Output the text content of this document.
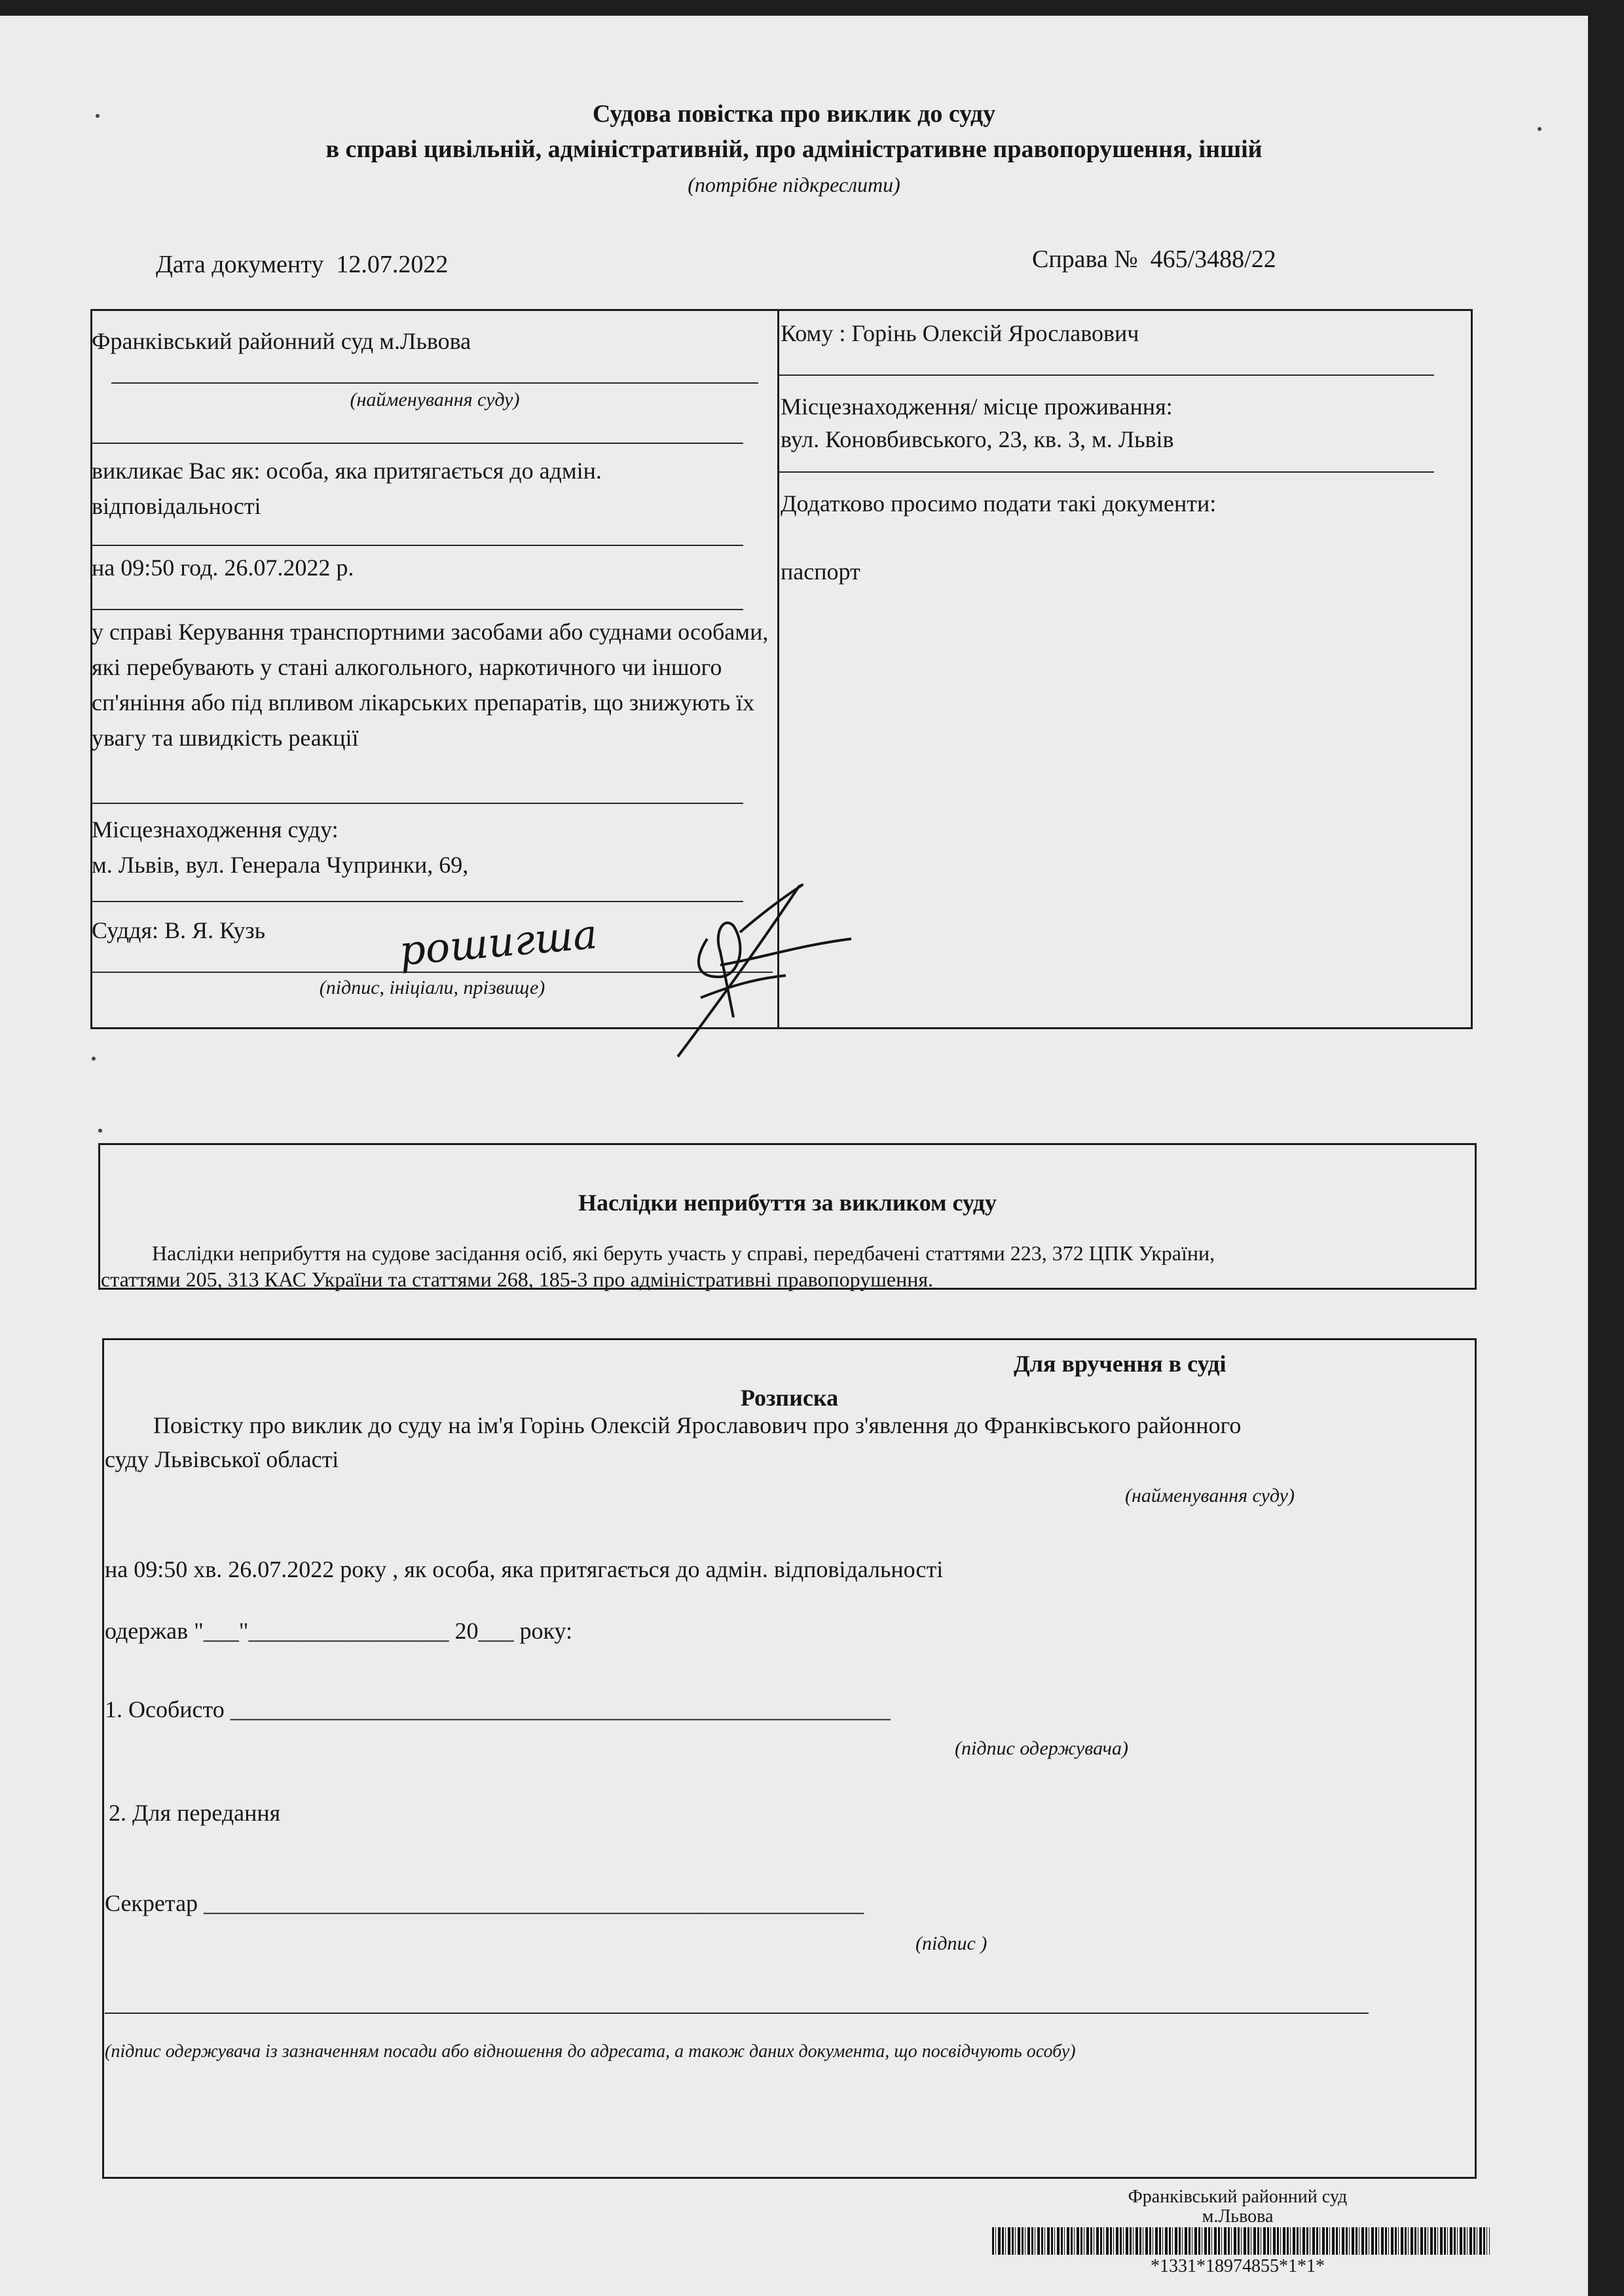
Судова повістка про виклик до суду
в справі цивільній, адміністративній, про адміністративне правопорушення, іншій
(потрібне підкреслити)
Дата документу 12.07.2022	Справа № 465/3488/22
Франківський районний суд м.Львова
(найменування суду)
викликає Вас як: особа, яка притягається до адмін. відповідальності
на 09:50 год. 26.07.2022 р.
у справі Керування транспортними засобами або суднами особами, які перебувають у стані алкогольного, наркотичного чи іншого сп'яніння або під впливом лікарських препаратів, що знижують їх увагу та швидкість реакції
Місцезнаходження суду:
м. Львів, вул. Генерала Чупринки, 69,
Суддя: В. Я. Кузь
(підпис, ініціали, прізвище)
рошигша
Кому : Горінь Олексій Ярославович
Місцезнаходження/ місце проживання:
вул. Коновбивського, 23, кв. 3, м. Львів
Додатково просимо подати такі документи:
паспорт
Наслідки неприбуття за викликом суду
Наслідки неприбуття на судове засідання осіб, які беруть участь у справі, передбачені статтями 223, 372 ЦПК України,
статтями 205, 313 КАС України та статтями 268, 185-3 про адміністративні правопорушення.
Для вручення в суді
Розписка
Повістку про виклик до суду на ім'я Горінь Олексій Ярославович про з'явлення до Франківського районного
суду Львівської області
(найменування суду)
на 09:50 хв. 26.07.2022 року , як особа, яка притягається до адмін. відповідальності
одержав "___"_________________ 20___ року:
1. Особисто ________________________________________________________
(підпис одержувача)
2. Для передання
Секретар ________________________________________________________
(підпис )
(підпис одержувача із зазначенням посади або відношення до адресата, а також даних документа, що посвідчують особу)
Франківський районний суд
м.Львова
*1331*18974855*1*1*
